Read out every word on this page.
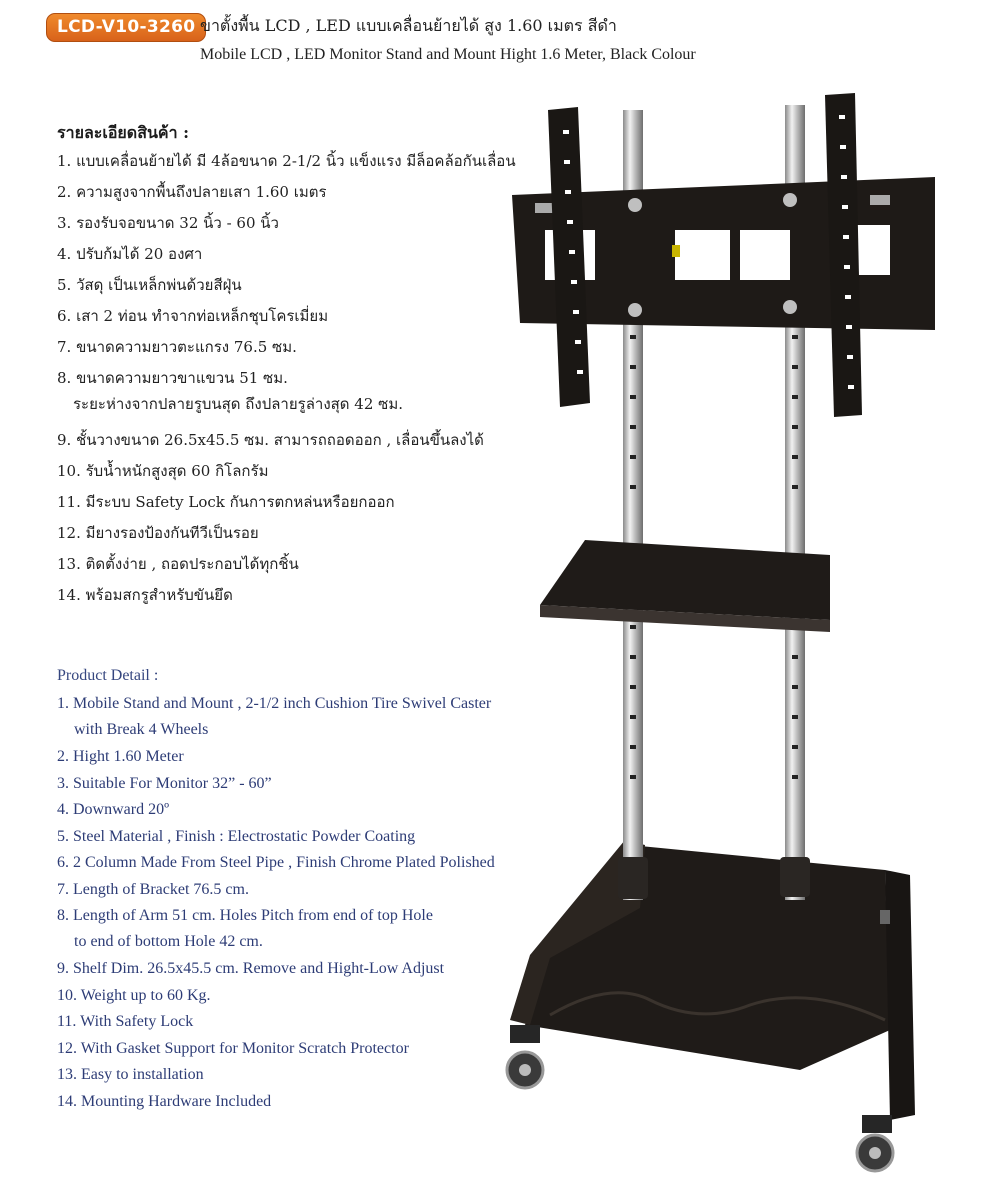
LCD-V10-3260 ขาตั้งพื้น LCD , LED แบบเคลื่อนย้ายได้ สูง 1.60 เมตร สีดำ
Mobile LCD , LED Monitor Stand and Mount Hight 1.6 Meter, Black Colour
รายละเอียดสินค้า :
1. แบบเคลื่อนย้ายได้ มี 4ล้อขนาด 2-1/2 นิ้ว แข็งแรง มีล็อคล้อกันเลื่อน
2. ความสูงจากพื้นถึงปลายเสา 1.60 เมตร
3. รองรับจอขนาด 32 นิ้ว - 60 นิ้ว
4. ปรับก้มได้ 20 องศา
5. วัสดุ เป็นเหล็กพ่นด้วยสีฝุ่น
6. เสา 2 ท่อน ทำจากท่อเหล็กชุบโครเมี่ยม
7. ขนาดความยาวตะแกรง 76.5 ซม.
8. ขนาดความยาวขาแขวน 51 ซม.
ระยะห่างจากปลายรูบนสุด ถึงปลายรูล่างสุด 42 ซม.
9. ชั้นวางขนาด 26.5x45.5 ซม. สามารถถอดออก , เลื่อนขึ้นลงได้
10. รับน้ำหนักสูงสุด 60 กิโลกรัม
11. มีระบบ Safety Lock กันการตกหล่นหรือยกออก
12. มียางรองป้องกันทีวีเป็นรอย
13. ติดตั้งง่าย , ถอดประกอบได้ทุกชิ้น
14. พร้อมสกรูสำหรับขันยึด
Product Detail :
1. Mobile Stand and Mount , 2-1/2 inch Cushion Tire Swivel Caster
with Break 4 Wheels
2. Hight 1.60 Meter
3. Suitable For Monitor 32” - 60”
4. Downward 20º
5. Steel Material , Finish : Electrostatic Powder Coating
6. 2 Column Made From Steel Pipe , Finish Chrome Plated Polished
7. Length of Bracket 76.5 cm.
8. Length of Arm 51 cm. Holes Pitch from end of top Hole
to end of bottom Hole 42 cm.
9. Shelf Dim. 26.5x45.5 cm. Remove and Hight-Low Adjust
10. Weight up to 60 Kg.
11. With Safety Lock
12. With Gasket Support for Monitor Scratch Protector
13. Easy to installation
14. Mounting Hardware Included
